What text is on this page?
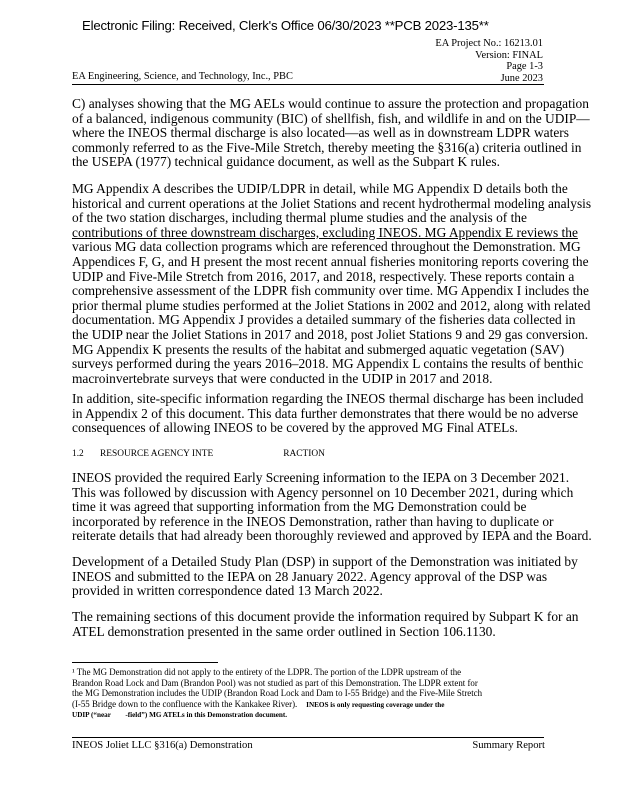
Electronic Filing: Received, Clerk's Office 06/30/2023 **PCB 2023-135**
EA Project No.: 16213.01
Version: FINAL
Page 1-3
June 2023
EA Engineering, Science, and Technology, Inc., PBC
C) analyses showing that the MG AELs would continue to assure the protection and propagation
of a balanced, indigenous community (BIC) of shellfish, fish, and wildlife in and on the UDIP—
where the INEOS thermal discharge is also located—as well as in downstream LDPR waters
commonly referred to as the Five-Mile Stretch, thereby meeting the §316(a) criteria outlined in
the USEPA (1977) technical guidance document, as well as the Subpart K rules.
MG Appendix A describes the UDIP/LDPR in detail, while MG Appendix D details both the
historical and current operations at the Joliet Stations and recent hydrothermal modeling analysis
of the two station discharges, including thermal plume studies and the analysis of the
contributions of three downstream discharges, excluding INEOS. MG Appendix E reviews the
various MG data collection programs which are referenced throughout the Demonstration. MG
Appendices F, G, and H present the most recent annual fisheries monitoring reports covering the
UDIP and Five-Mile Stretch from 2016, 2017, and 2018, respectively. These reports contain a
comprehensive assessment of the LDPR fish community over time. MG Appendix I includes the
prior thermal plume studies performed at the Joliet Stations in 2002 and 2012, along with related
documentation. MG Appendix J provides a detailed summary of the fisheries data collected in
the UDIP near the Joliet Stations in 2017 and 2018, post Joliet Stations 9 and 29 gas conversion.
MG Appendix K presents the results of the habitat and submerged aquatic vegetation (SAV)
surveys performed during the years 2016–2018. MG Appendix L contains the results of benthic
macroinvertebrate surveys that were conducted in the UDIP in 2017 and 2018.
In addition, site-specific information regarding the INEOS thermal discharge has been included
in Appendix 2 of this document. This data further demonstrates that there would be no adverse
consequences of allowing INEOS to be covered by the approved MG Final ATELs.
1.2 RESOURCE AGENCY INTE	RACTION
INEOS provided the required Early Screening information to the IEPA on 3 December 2021.
This was followed by discussion with Agency personnel on 10 December 2021, during which
time it was agreed that supporting information from the MG Demonstration could be
incorporated by reference in the INEOS Demonstration, rather than having to duplicate or
reiterate details that had already been thoroughly reviewed and approved by IEPA and the Board.
Development of a Detailed Study Plan (DSP) in support of the Demonstration was initiated by
INEOS and submitted to the IEPA on 28 January 2022. Agency approval of the DSP was
provided in written correspondence dated 13 March 2022.
The remaining sections of this document provide the information required by Subpart K for an
ATEL demonstration presented in the same order outlined in Section 106.1130.
¹ The MG Demonstration did not apply to the entirety of the LDPR. The portion of the LDPR upstream of the
Brandon Road Lock and Dam (Brandon Pool) was not studied as part of this Demonstration. The LDPR extent for
the MG Demonstration includes the UDIP (Brandon Road Lock and Dam to I-55 Bridge) and the Five-Mile Stretch
(I-55 Bridge down to the confluence with the Kankakee River). INEOS is only requesting coverage under the
UDIP (“near -field”) MG ATELs in this Demonstration document.
INEOS Joliet LLC §316(a) Demonstration	Summary Report
